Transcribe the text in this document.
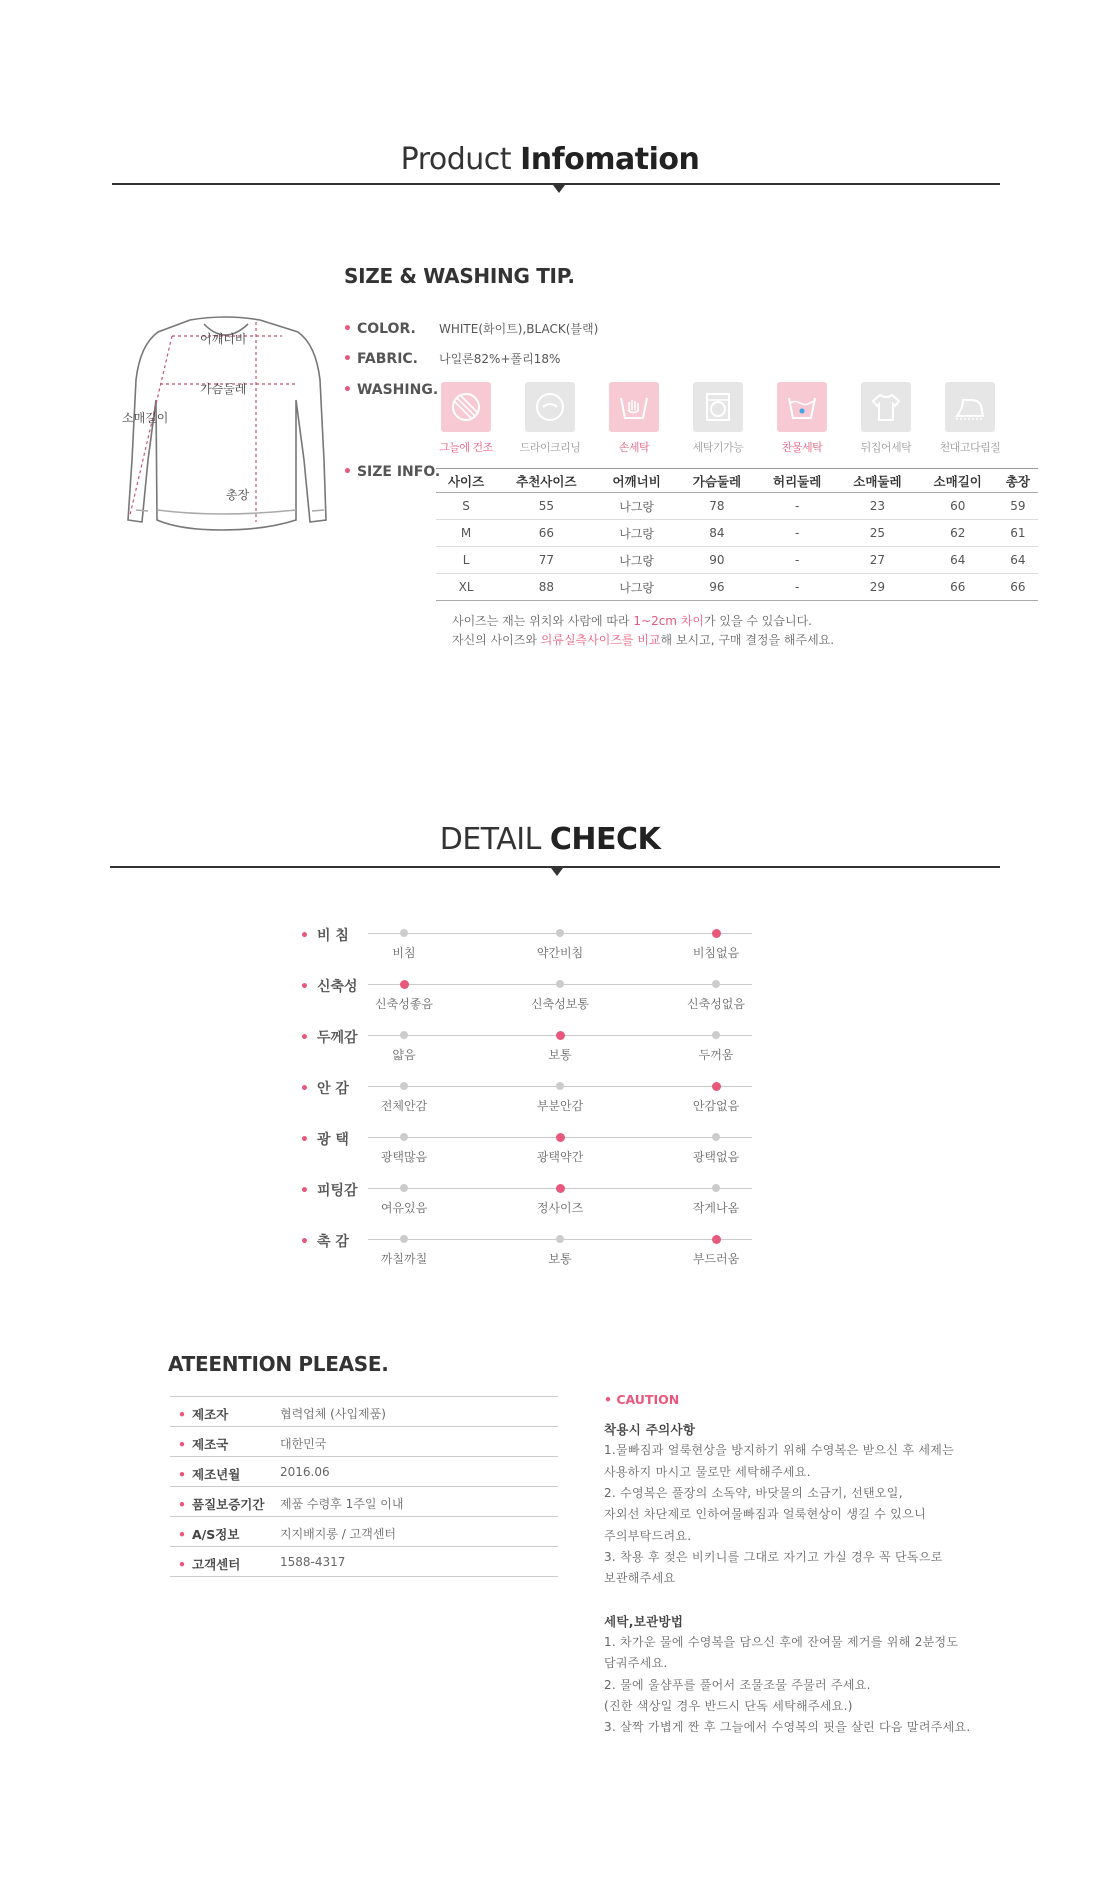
Product Infomation
SIZE & WASHING TIP.
어깨너비
가슴둘레
소매길이
총장
• COLOR. WHITE(화이트),BLACK(블랙)
• FABRIC. 나일론82%+폴리18%
• WASHING.
그늘에 건조	드라이크리닝	손세탁	세탁기가능	찬물세탁	뒤집어세탁	천대고다림질
• SIZE INFO.
사이즈	추천사이즈	어깨너비	가슴둘레	허리둘레	소매둘레	소매길이	총장
S	55	나그랑	78	-	23	60	59
M	66	나그랑	84	-	25	62	61
L	77	나그랑	90	-	27	64	64
XL	88	나그랑	96	-	29	66	66
사이즈는 재는 위치와 사람에 따라 1~2cm 차이가 있을 수 있습니다.
자신의 사이즈와 의류실측사이즈를 비교해 보시고, 구매 결정을 해주세요.
DETAIL CHECK
• 비 침
비침	약간비침	비침없음
• 신축성
신축성좋음	신축성보통	신축성없음
• 두께감
얇음	보통	두꺼움
• 안 감
전체안감	부분안감	안감없음
• 광 택
광택많음	광택약간	광택없음
• 피팅감
여유있음	정사이즈	작게나옴
• 촉 감
까칠까칠	보통	부드러움
ATEENTION PLEASE.
• 제조자	협력업체 (사입제품)
• 제조국	대한민국
• 제조년월	2016.06
• 품질보증기간 제품 수령후 1주일 이내
• A/S정보	지지배지롱 / 고객센터
• 고객센터	1588-4317
• CAUTION
착용시 주의사항
1.물빠짐과 얼룩현상을 방지하기 위해 수영복은 받으신 후 세제는
사용하지 마시고 물로만 세탁해주세요.
2. 수영복은 풀장의 소독약, 바닷물의 소금기, 선탠오일,
자외선 차단제로 인하여물빠짐과 얼룩현상이 생길 수 있으니
주의부탁드려요.
3. 착용 후 젖은 비키니를 그대로 자기고 가실 경우 꼭 단독으로
보관해주세요
세탁,보관방법
1. 차가운 물에 수영복을 담으신 후에 잔여물 제거를 위해 2분정도
담궈주세요.
2. 물에 울샴푸를 풀어서 조물조물 주물러 주세요.
(진한 색상일 경우 반드시 단독 세탁해주세요.)
3. 살짝 가볍게 짠 후 그늘에서 수영복의 핏을 살린 다음 말려주세요.
